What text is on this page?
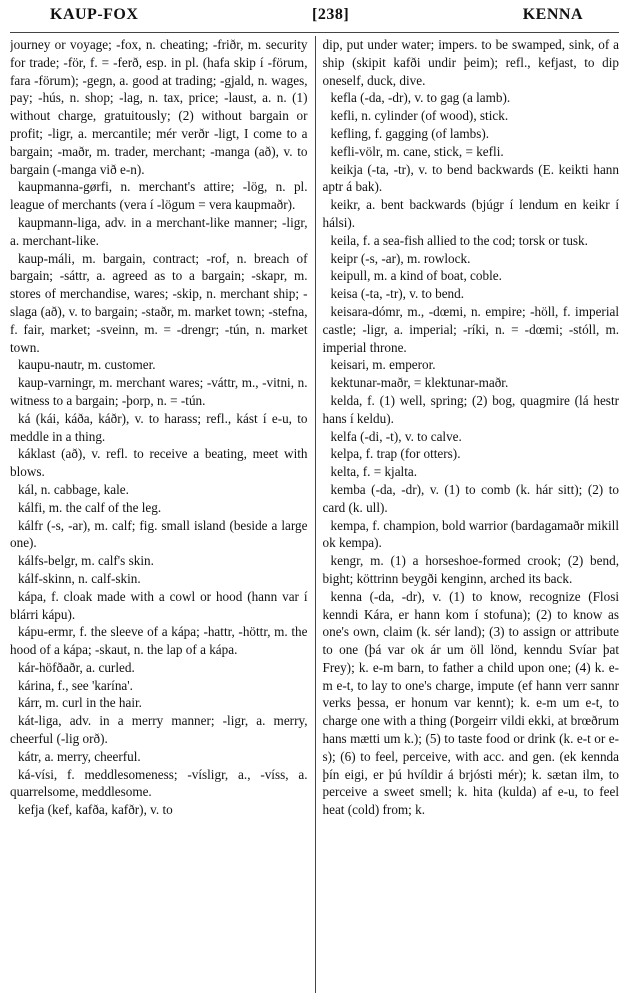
KAUP-FOX	[238]	KENNA

journey or voyage; -fox, n. cheating; -friðr, m. security for trade; -för, f. = -ferð, esp. in pl. (hafa skip í -förum, fara -förum); -gegn, a. good at trading; -gjald, n. wages, pay; -hús, n. shop; -lag, n. tax, price; -laust, a. n. (1) without charge, gratuitously; (2) without bargain or profit; -ligr, a. mercantile; mér verðr -ligt, I come to a bargain; -maðr, m. trader, merchant; -manga (að), v. to bargain (-manga við e-n).

kaupmanna-gørfi, n. merchant's attire; -lög, n. pl. league of merchants (vera í -lögum = vera kaupmaðr).

kaupmann-liga, adv. in a merchant-like manner; -ligr, a. merchant-like.

kaup-máli, m. bargain, contract; -rof, n. breach of bargain; -sáttr, a. agreed as to a bargain; -skapr, m. stores of merchandise, wares; -skip, n. merchant ship; -slaga (að), v. to bargain; -staðr, m. market town; -stefna, f. fair, market; -sveinn, m. = -drengr; -tún, n. market town.

kaupu-nautr, m. customer.

kaup-varningr, m. merchant wares; -váttr, m., -vitni, n. witness to a bargain; -þorp, n. = -tún.

ká (kái, káða, káðr), v. to harass; refl., kást í e-u, to meddle in a thing.

káklast (að), v. refl. to receive a beating, meet with blows.

kál, n. cabbage, kale.

kálfi, m. the calf of the leg.

kálfr (-s, -ar), m. calf; fig. small island (beside a large one).

kálfs-belgr, m. calf's skin.

kálf-skinn, n. calf-skin.

kápa, f. cloak made with a cowl or hood (hann var í blárri kápu).

kápu-ermr, f. the sleeve of a kápa; -hattr, -höttr, m. the hood of a kápa; -skaut, n. the lap of a kápa.

kár-höfðaðr, a. curled.

kárina, f., see 'karína'.

kárr, m. curl in the hair.

kát-liga, adv. in a merry manner; -ligr, a. merry, cheerful (-lig orð).

kátr, a. merry, cheerful.

ká-vísi, f. meddlesomeness; -vísligr, a., -víss, a. quarrelsome, meddlesome.

kefja (kef, kafða, kafðr), v. to

dip, put under water; impers. to be swamped, sink, of a ship (skipit kafði undir þeim); refl., kefjast, to dip oneself, duck, dive.

kefla (-da, -dr), v. to gag (a lamb).

kefli, n. cylinder (of wood), stick.

kefling, f. gagging (of lambs).

kefli-völr, m. cane, stick, = kefli.

keikja (-ta, -tr), v. to bend backwards (E. keikti hann aptr á bak).

keikr, a. bent backwards (bjúgr í lendum en keikr í hálsi).

keila, f. a sea-fish allied to the cod; torsk or tusk.

keipr (-s, -ar), m. rowlock.

keipull, m. a kind of boat, coble.

keisa (-ta, -tr), v. to bend.

keisara-dómr, m., -dœmi, n. empire; -höll, f. imperial castle; -ligr, a. imperial; -ríki, n. = -dœmi; -stóll, m. imperial throne.

keisari, m. emperor.

kektunar-maðr, = klektunar-maðr.

kelda, f. (1) well, spring; (2) bog, quagmire (lá hestr hans í keldu).

kelfa (-di, -t), v. to calve.

kelpa, f. trap (for otters).

kelta, f. = kjalta.

kemba (-da, -dr), v. (1) to comb (k. hár sitt); (2) to card (k. ull).

kempa, f. champion, bold warrior (bardagamaðr mikill ok kempa).

kengr, m. (1) a horseshoe-formed crook; (2) bend, bight; köttrinn beygði kenginn, arched its back.

kenna (-da, -dr), v. (1) to know, recognize (Flosi kenndi Kára, er hann kom í stofuna); (2) to know as one's own, claim (k. sér land); (3) to assign or attribute to one (þá var ok ár um öll lönd, kenndu Svíar þat Frey); k. e-m barn, to father a child upon one; (4) k. e-m e-t, to lay to one's charge, impute (ef hann verr sannr verks þessa, er honum var kennt); k. e-m um e-t, to charge one with a thing (Þorgeirr vildi ekki, at brœðrum hans mætti um k.); (5) to taste food or drink (k. e-t or e-s); (6) to feel, perceive, with acc. and gen. (ek kennda þín eigi, er þú hvíldir á brjósti mér); k. sætan ilm, to perceive a sweet smell; k. hita (kulda) af e-u, to feel heat (cold) from; k.
